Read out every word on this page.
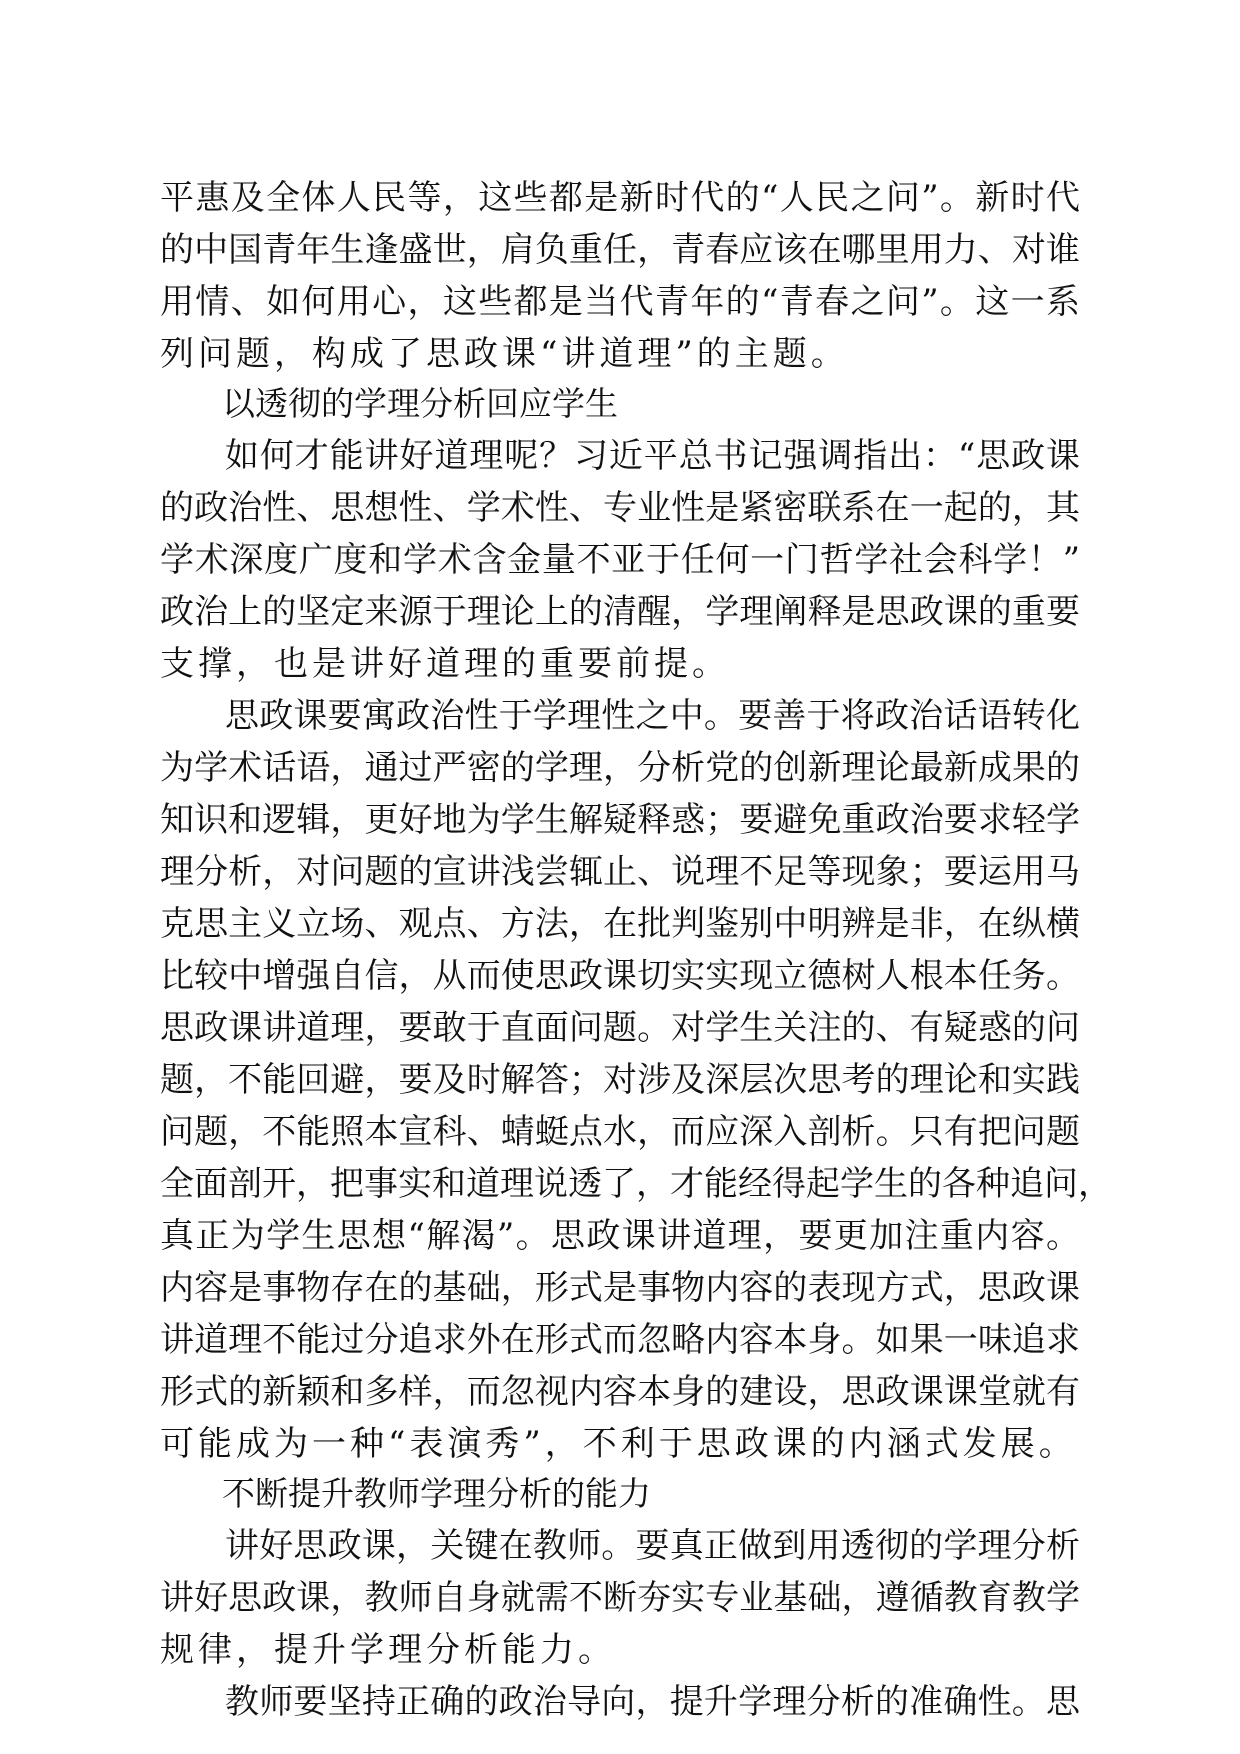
平惠及全体人民等，这些都是新时代的“人民之问”。新时代
的中国青年生逢盛世，肩负重任，青春应该在哪里用力、对谁
用情、如何用心，这些都是当代青年的“青春之问”。这一系
列问题，构成了思政课“讲道理”的主题。
以透彻的学理分析回应学生
如何才能讲好道理呢？习近平总书记强调指出：“思政课
的政治性、思想性、学术性、专业性是紧密联系在一起的，其
学术深度广度和学术含金量不亚于任何一门哲学社会科学！”
政治上的坚定来源于理论上的清醒，学理阐释是思政课的重要
支撑，也是讲好道理的重要前提。
思政课要寓政治性于学理性之中。要善于将政治话语转化
为学术话语，通过严密的学理，分析党的创新理论最新成果的
知识和逻辑，更好地为学生解疑释惑；要避免重政治要求轻学
理分析，对问题的宣讲浅尝辄止、说理不足等现象；要运用马
克思主义立场、观点、方法，在批判鉴别中明辨是非，在纵横
比较中增强自信，从而使思政课切实实现立德树人根本任务。
思政课讲道理，要敢于直面问题。对学生关注的、有疑惑的问
题，不能回避，要及时解答；对涉及深层次思考的理论和实践
问题，不能照本宣科、蜻蜓点水，而应深入剖析。只有把问题
全面剖开，把事实和道理说透了，才能经得起学生的各种追问，
真正为学生思想“解渴”。思政课讲道理，要更加注重内容。
内容是事物存在的基础，形式是事物内容的表现方式，思政课
讲道理不能过分追求外在形式而忽略内容本身。如果一味追求
形式的新颖和多样，而忽视内容本身的建设，思政课课堂就有
可能成为一种“表演秀”，不利于思政课的内涵式发展。
不断提升教师学理分析的能力
讲好思政课，关键在教师。要真正做到用透彻的学理分析
讲好思政课，教师自身就需不断夯实专业基础，遵循教育教学
规律，提升学理分析能力。
教师要坚持正确的政治导向，提升学理分析的准确性。思
